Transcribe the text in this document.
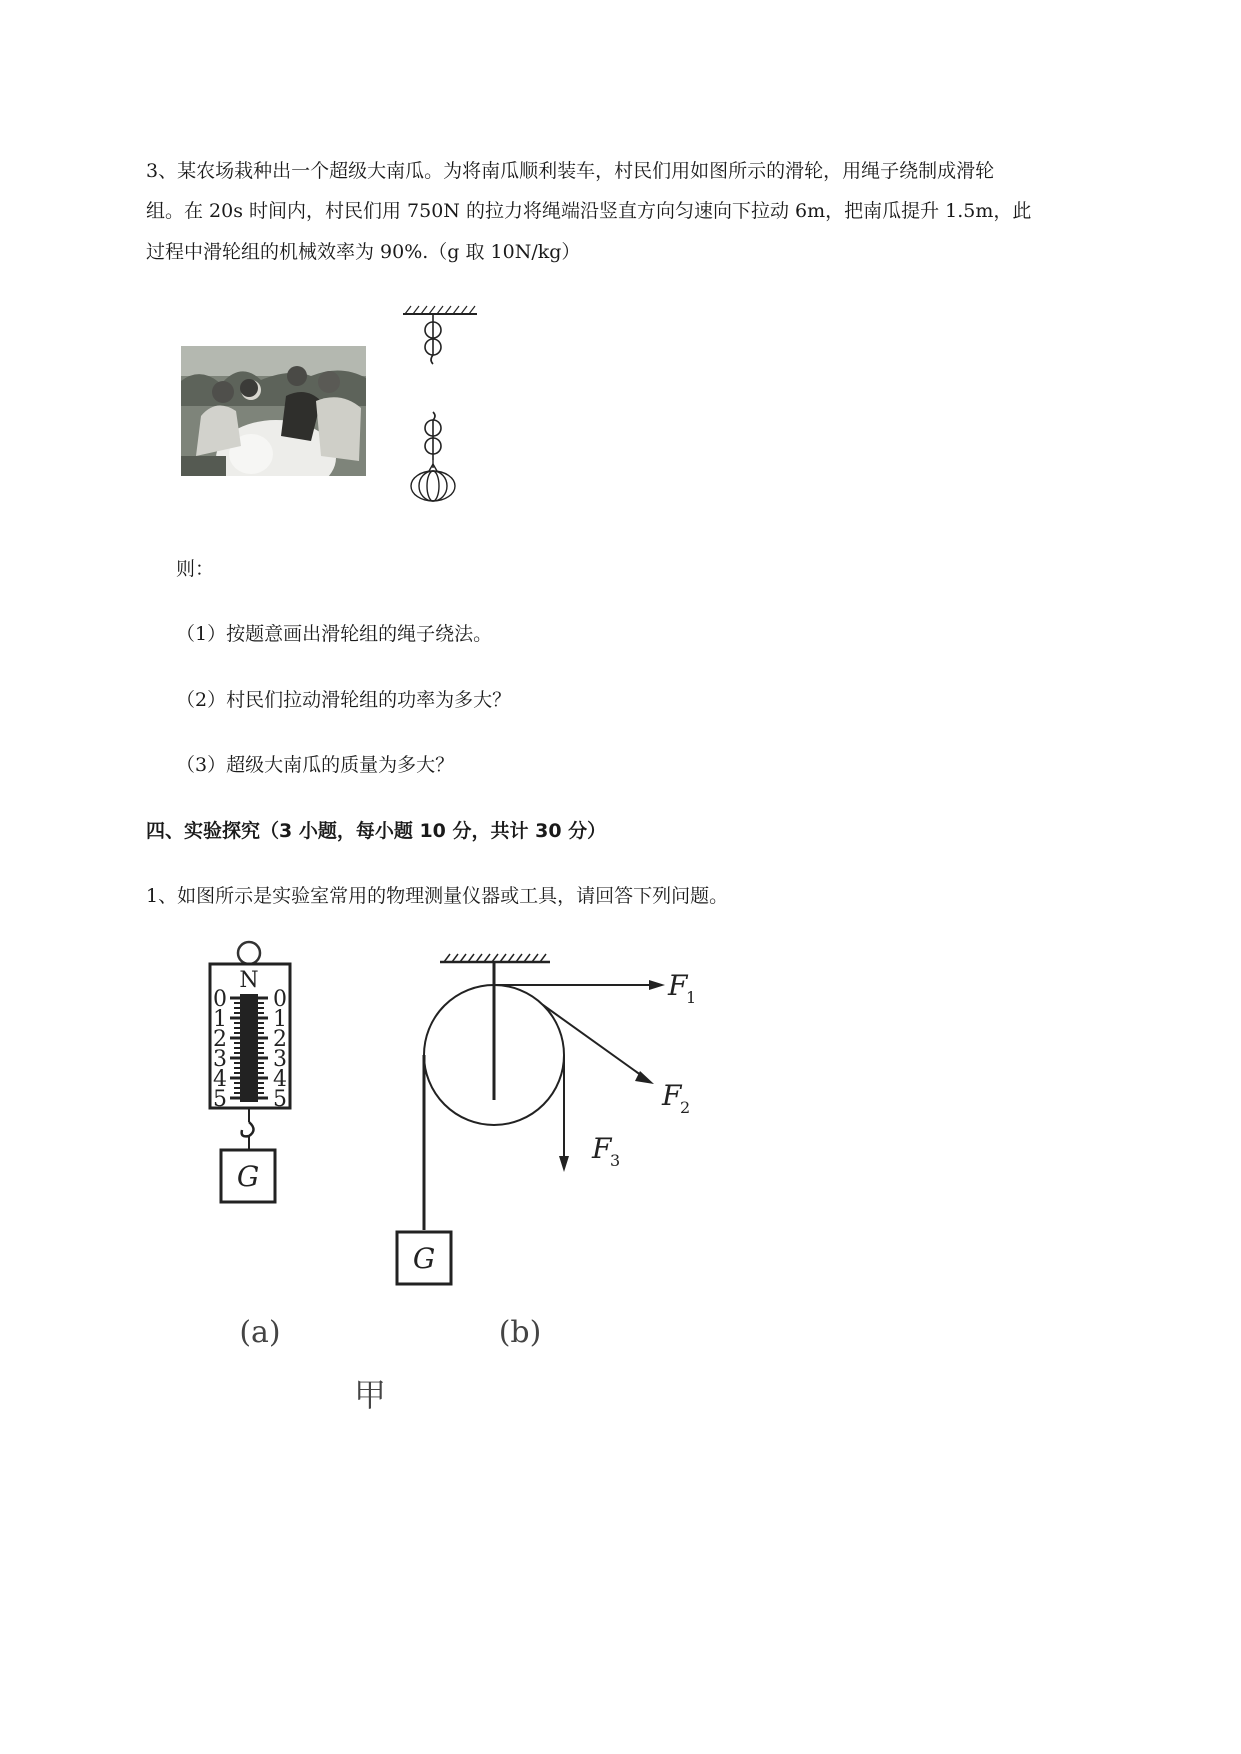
3、某农场栽种出一个超级大南瓜。为将南瓜顺利装车，村民们用如图所示的滑轮，用绳子绕制成滑轮
组。在 20s 时间内，村民们用 750N 的拉力将绳端沿竖直方向匀速向下拉动 6m，把南瓜提升 1.5m，此
过程中滑轮组的机械效率为 90%.（g 取 10N/kg）
则：
（1）按题意画出滑轮组的绳子绕法。
（2）村民们拉动滑轮组的功率为多大？
（3）超级大南瓜的质量为多大？
四、实验探究（3 小题，每小题 10 分，共计 30 分）
1、如图所示是实验室常用的物理测量仪器或工具，请回答下列问题。
N
0
1
2
3
4
5
0
1
2
3
4
5
G
F
1
F
2
F
3
G
(a)	(b)
甲
